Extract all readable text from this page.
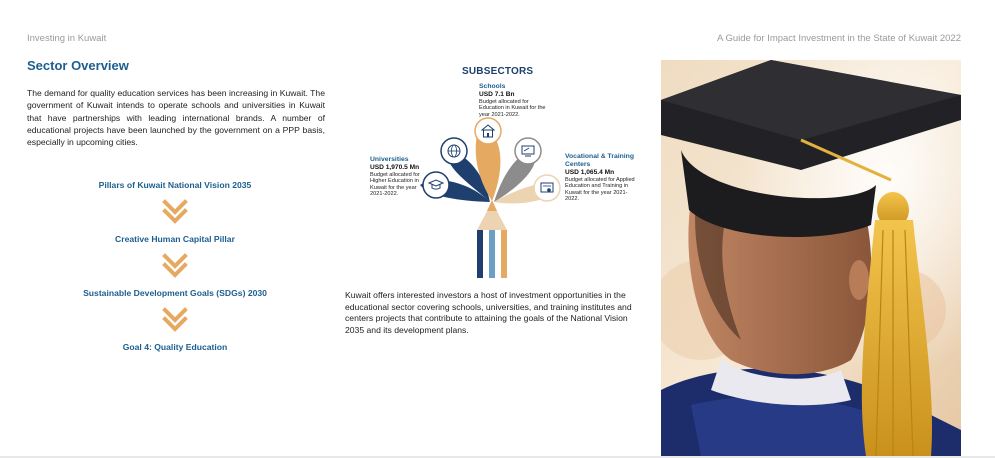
Investing in Kuwait	A Guide for Impact Investment in the State of Kuwait 2022
Sector Overview

The demand for quality education services has been increasing in Kuwait. The government of Kuwait intends to operate schools and universities in Kuwait that have partnerships with leading international brands. A number of educational projects have been launched by the government on a PPP basis, especially in upcoming cities.

Pillars of Kuwait National Vision 2035
Creative Human Capital Pillar
Sustainable Development Goals (SDGs) 2030
Goal 4: Quality Education
SUBSECTORS
Schools
USD 7.1 Bn
Budget allocated for Education in Kuwait for the year 2021-2022.
Universities
USD 1,970.5 Mn
Budget allocated for Higher Education in Kuwait for the year 2021-2022.
Vocational & Training Centers
USD 1,065.4 Mn
Budget allocated for Applied Education and Training in Kuwait for the year 2021-2022.

Kuwait offers interested investors a host of investment opportunities in the educational sector covering schools, universities, and training institutes and centers projects that contribute to attaining the goals of the National Vision 2035 and its development plans.
